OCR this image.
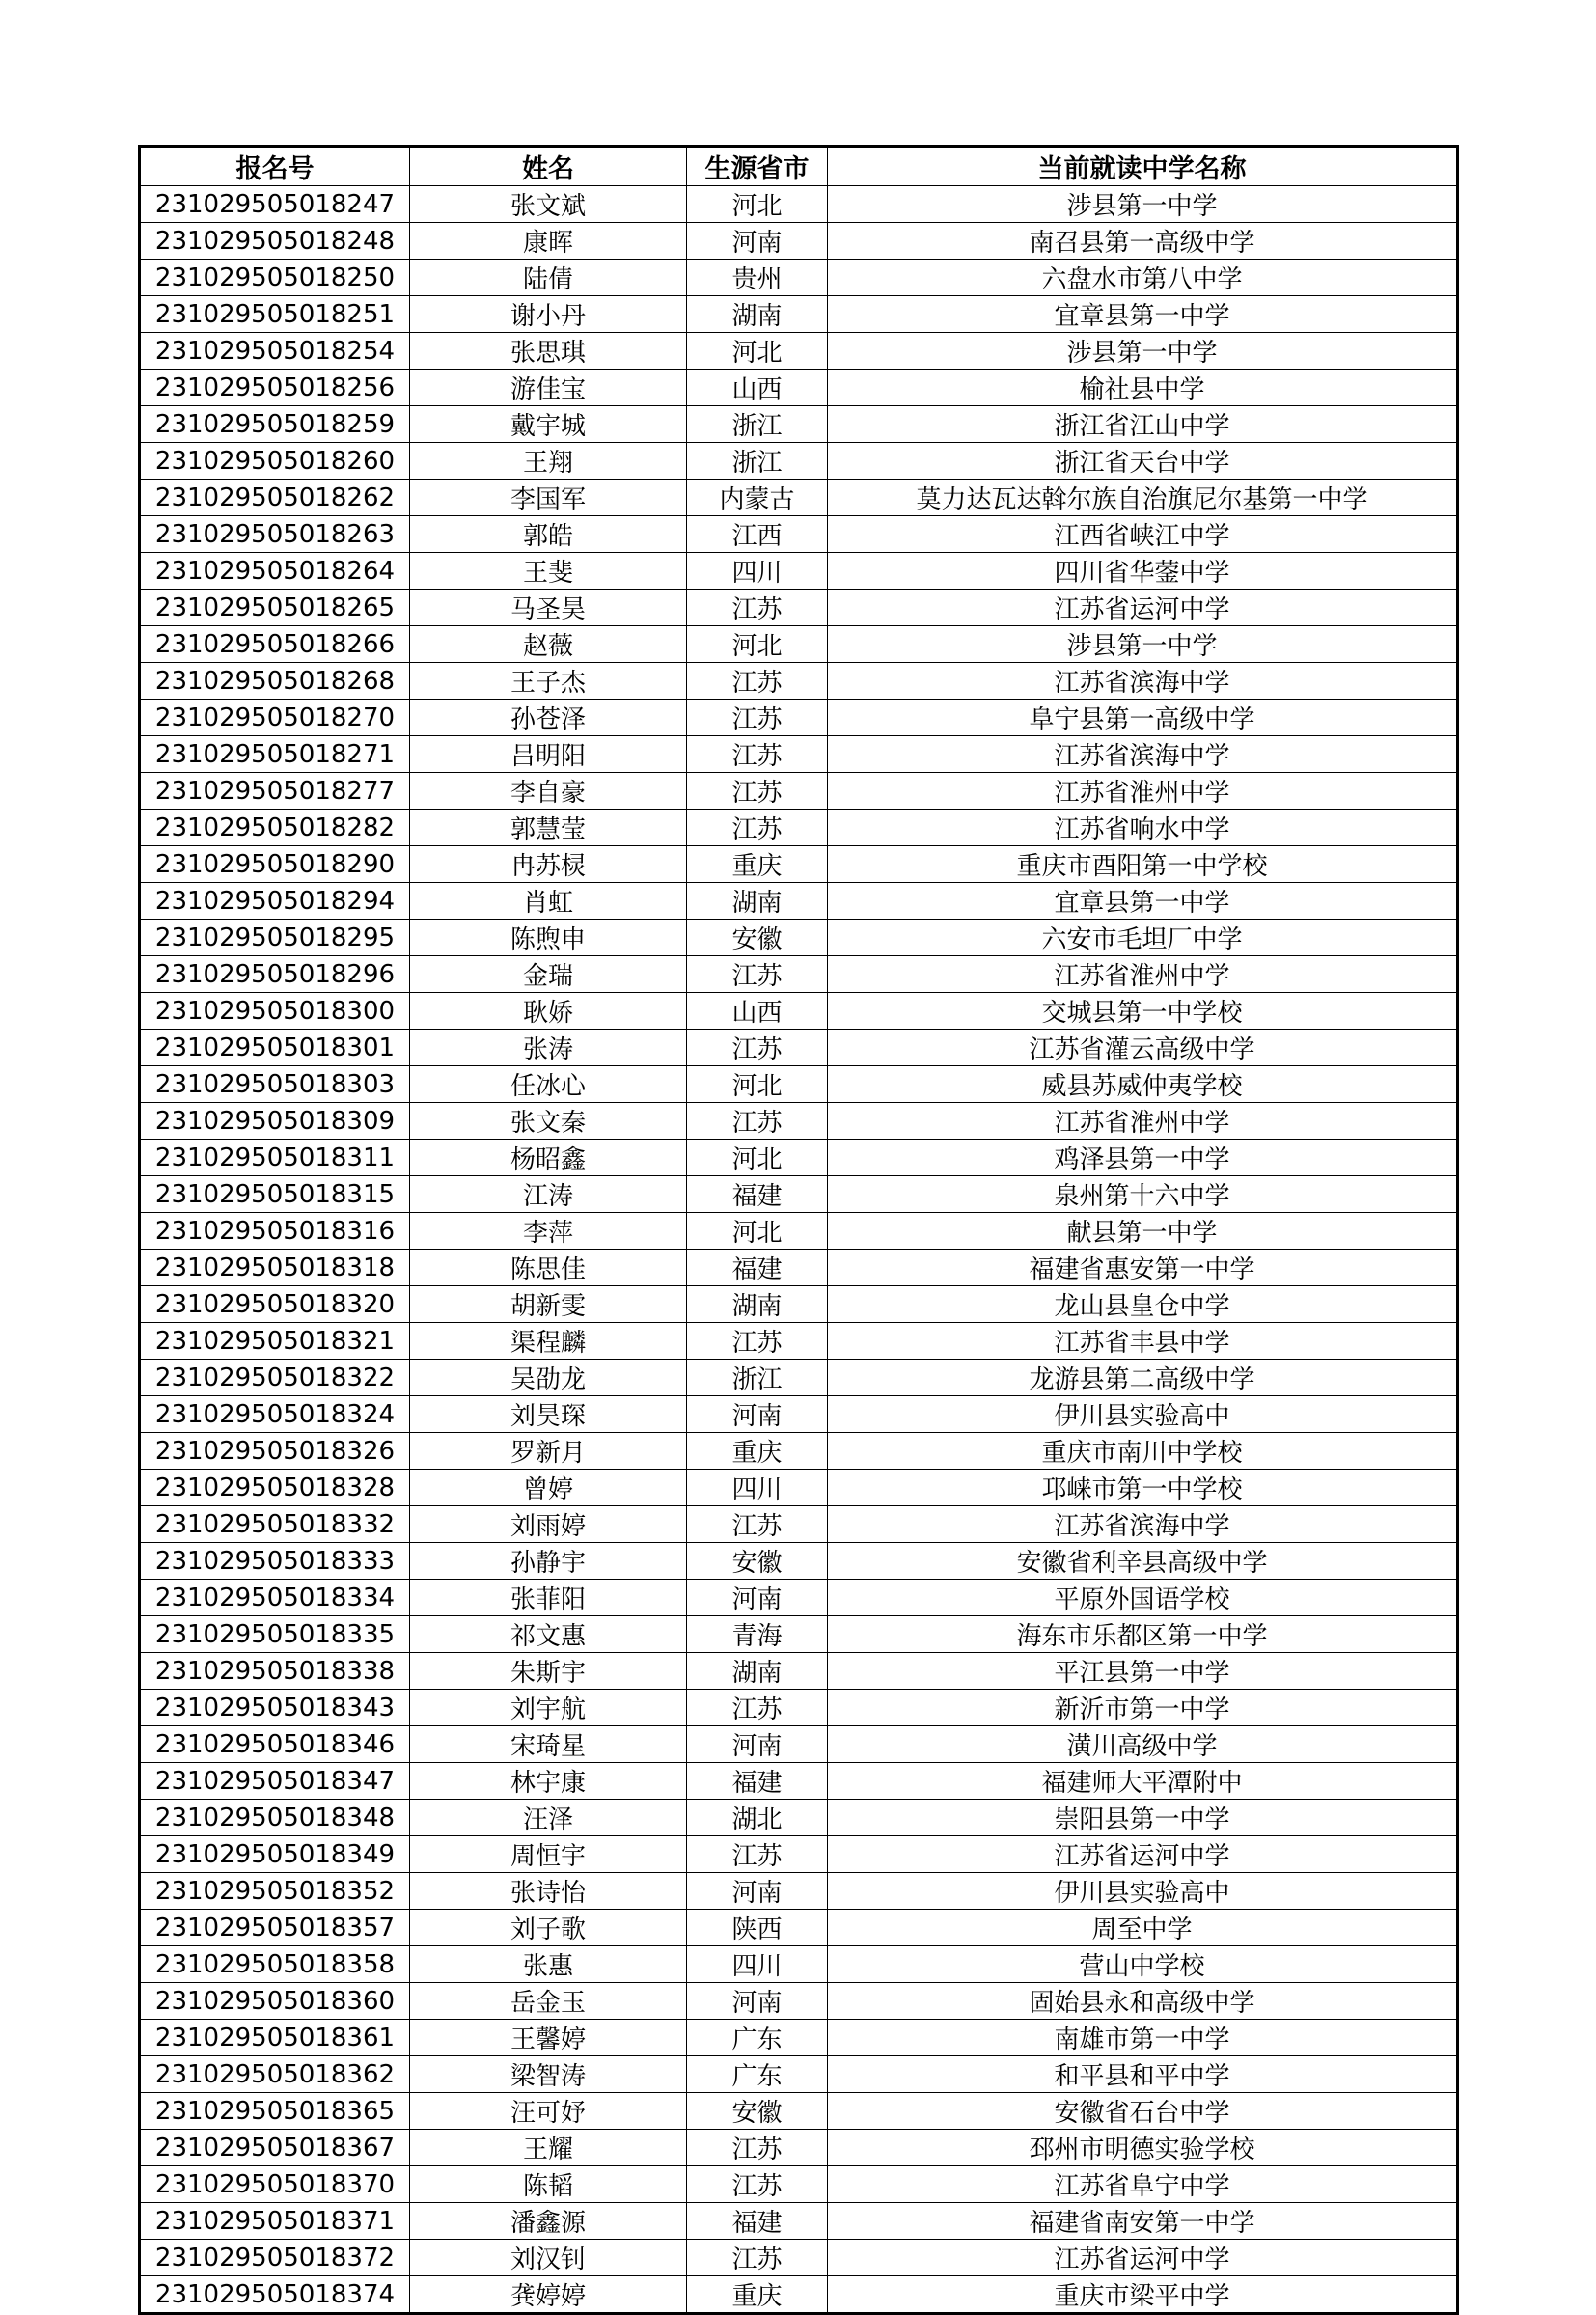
报名号	姓名	生源省市	当前就读中学名称
231029505018247	张文斌	河北	涉县第一中学
231029505018248	康晖	河南	南召县第一高级中学
231029505018250	陆倩	贵州	六盘水市第八中学
231029505018251	谢小丹	湖南	宜章县第一中学
231029505018254	张思琪	河北	涉县第一中学
231029505018256	游佳宝	山西	榆社县中学
231029505018259	戴宇城	浙江	浙江省江山中学
231029505018260	王翔	浙江	浙江省天台中学
231029505018262	李国军	内蒙古	莫力达瓦达斡尔族自治旗尼尔基第一中学
231029505018263	郭皓	江西	江西省峡江中学
231029505018264	王斐	四川	四川省华蓥中学
231029505018265	马圣昊	江苏	江苏省运河中学
231029505018266	赵薇	河北	涉县第一中学
231029505018268	王子杰	江苏	江苏省滨海中学
231029505018270	孙苍泽	江苏	阜宁县第一高级中学
231029505018271	吕明阳	江苏	江苏省滨海中学
231029505018277	李自豪	江苏	江苏省淮州中学
231029505018282	郭慧莹	江苏	江苏省响水中学
231029505018290	冉苏棂	重庆	重庆市酉阳第一中学校
231029505018294	肖虹	湖南	宜章县第一中学
231029505018295	陈煦申	安徽	六安市毛坦厂中学
231029505018296	金瑞	江苏	江苏省淮州中学
231029505018300	耿娇	山西	交城县第一中学校
231029505018301	张涛	江苏	江苏省灌云高级中学
231029505018303	任冰心	河北	威县苏威仲夷学校
231029505018309	张文秦	江苏	江苏省淮州中学
231029505018311	杨昭鑫	河北	鸡泽县第一中学
231029505018315	江涛	福建	泉州第十六中学
231029505018316	李萍	河北	献县第一中学
231029505018318	陈思佳	福建	福建省惠安第一中学
231029505018320	胡新雯	湖南	龙山县皇仓中学
231029505018321	渠程麟	江苏	江苏省丰县中学
231029505018322	吴劭龙	浙江	龙游县第二高级中学
231029505018324	刘昊琛	河南	伊川县实验高中
231029505018326	罗新月	重庆	重庆市南川中学校
231029505018328	曾婷	四川	邛崃市第一中学校
231029505018332	刘雨婷	江苏	江苏省滨海中学
231029505018333	孙静宇	安徽	安徽省利辛县高级中学
231029505018334	张菲阳	河南	平原外国语学校
231029505018335	祁文惠	青海	海东市乐都区第一中学
231029505018338	朱斯宇	湖南	平江县第一中学
231029505018343	刘宇航	江苏	新沂市第一中学
231029505018346	宋琦星	河南	潢川高级中学
231029505018347	林宇康	福建	福建师大平潭附中
231029505018348	汪泽	湖北	崇阳县第一中学
231029505018349	周恒宇	江苏	江苏省运河中学
231029505018352	张诗怡	河南	伊川县实验高中
231029505018357	刘子歌	陕西	周至中学
231029505018358	张惠	四川	营山中学校
231029505018360	岳金玉	河南	固始县永和高级中学
231029505018361	王馨婷	广东	南雄市第一中学
231029505018362	梁智涛	广东	和平县和平中学
231029505018365	汪可妤	安徽	安徽省石台中学
231029505018367	王耀	江苏	邳州市明德实验学校
231029505018370	陈韬	江苏	江苏省阜宁中学
231029505018371	潘鑫源	福建	福建省南安第一中学
231029505018372	刘汉钊	江苏	江苏省运河中学
231029505018374	龚婷婷	重庆	重庆市梁平中学
